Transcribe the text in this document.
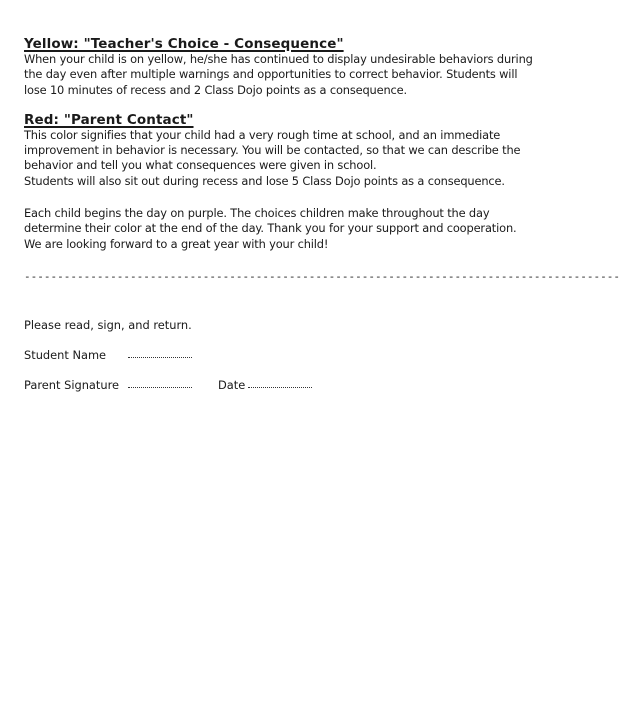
Yellow: "Teacher's Choice - Consequence"

When your child is on yellow, he/she has continued to display undesirable behaviors during the day even after multiple warnings and opportunities to correct behavior. Students will lose 10 minutes of recess and 2 Class Dojo points as a consequence.

Red: "Parent Contact"

This color signifies that your child had a very rough time at school, and an immediate improvement in behavior is necessary. You will be contacted, so that we can describe the behavior and tell you what consequences were given in school.

Students will also sit out during recess and lose 5 Class Dojo points as a consequence.

Each child begins the day on purple. The choices children make throughout the day determine their color at the end of the day. Thank you for your support and cooperation. We are looking forward to a great year with your child!

------------------------------------------------------------------------------------------
Please read, sign, and return.
Student Name
Parent Signature	Date
